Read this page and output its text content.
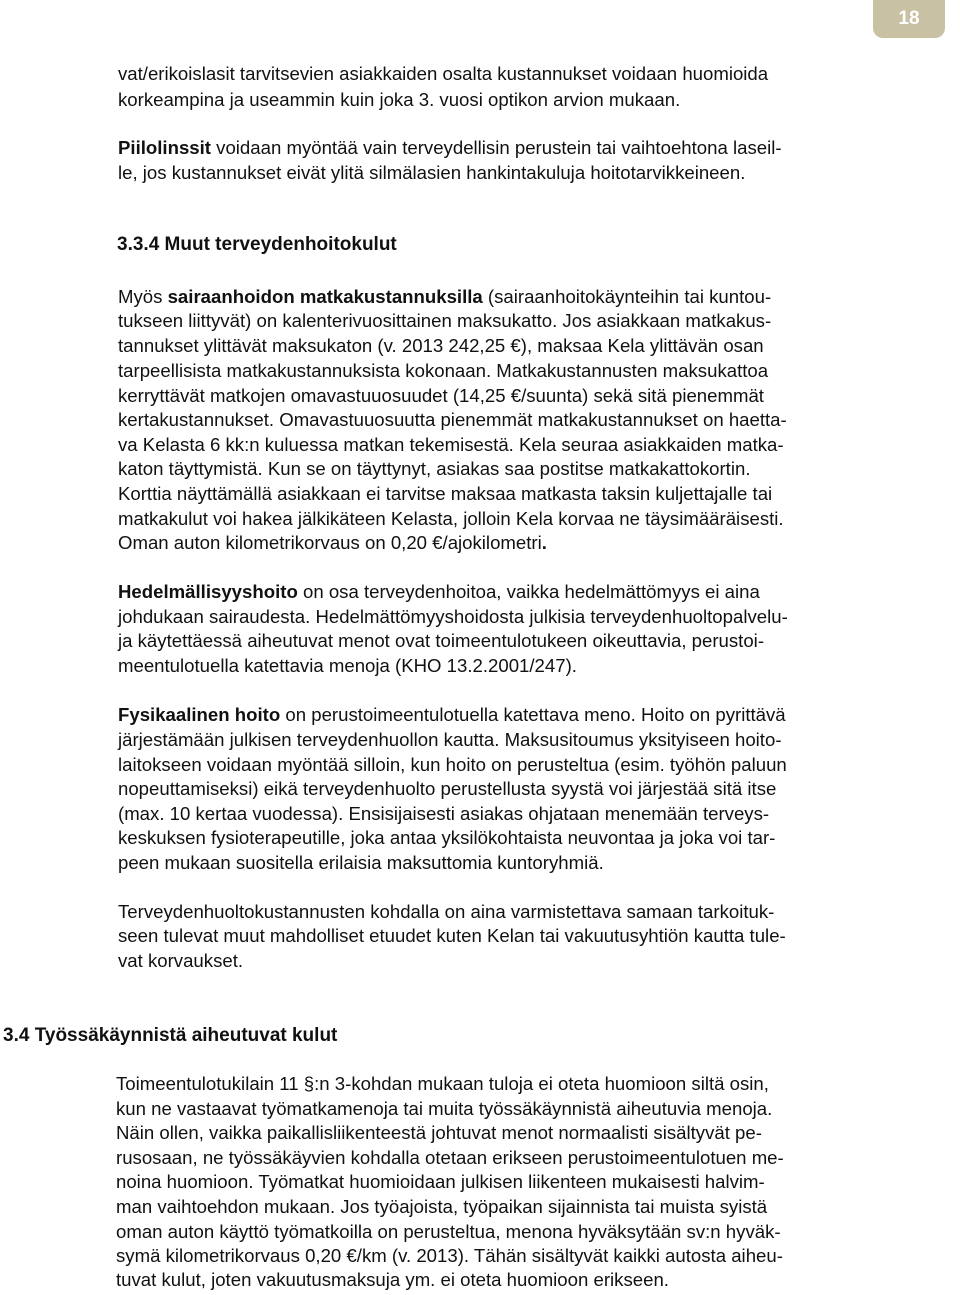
18

vat/erikoislasit tarvitsevien asiakkaiden osalta kustannukset voidaan huomioida

korkeampina ja useammin kuin joka 3. vuosi optikon arvion mukaan.

Piilolinssit voidaan myöntää vain terveydellisin perustein tai vaihtoehtona laseil-

le, jos kustannukset eivät ylitä silmälasien hankintakuluja hoitotarvikkeineen.

3.3.4 Muut terveydenhoitokulut

Myös sairaanhoidon matkakustannuksilla (sairaanhoitokäynteihin tai kuntou-

tukseen liittyvät) on kalenterivuosittainen maksukatto. Jos asiakkaan matkakus-

tannukset ylittävät maksukaton (v. 2013 242,25 €), maksaa Kela ylittävän osan

tarpeellisista matkakustannuksista kokonaan. Matkakustannusten maksukattoa

kerryttävät matkojen omavastuuosuudet (14,25 €/suunta) sekä sitä pienemmät

kertakustannukset. Omavastuuosuutta pienemmät matkakustannukset on haetta-

va Kelasta 6 kk:n kuluessa matkan tekemisestä. Kela seuraa asiakkaiden matka-

katon täyttymistä. Kun se on täyttynyt, asiakas saa postitse matkakattokortin.

Korttia näyttämällä asiakkaan ei tarvitse maksaa matkasta taksin kuljettajalle tai

matkakulut voi hakea jälkikäteen Kelasta, jolloin Kela korvaa ne täysimääräisesti.

Oman auton kilometrikorvaus on 0,20 €/ajokilometri.

Hedelmällisyyshoito on osa terveydenhoitoa, vaikka hedelmättömyys ei aina

johdukaan sairaudesta. Hedelmättömyyshoidosta julkisia terveydenhuoltopalvelu-

ja käytettäessä aiheutuvat menot ovat toimeentulotukeen oikeuttavia, perustoi-

meentulotuella katettavia menoja (KHO 13.2.2001/247).

Fysikaalinen hoito on perustoimeentulotuella katettava meno. Hoito on pyrittävä

järjestämään julkisen terveydenhuollon kautta. Maksusitoumus yksityiseen hoito-

laitokseen voidaan myöntää silloin, kun hoito on perusteltua (esim. työhön paluun

nopeuttamiseksi) eikä terveydenhuolto perustellusta syystä voi järjestää sitä itse

(max. 10 kertaa vuodessa). Ensisijaisesti asiakas ohjataan menemään terveys-

keskuksen fysioterapeutille, joka antaa yksilökohtaista neuvontaa ja joka voi tar-

peen mukaan suositella erilaisia maksuttomia kuntoryhmiä.

Terveydenhuoltokustannusten kohdalla on aina varmistettava samaan tarkoituk-

seen tulevat muut mahdolliset etuudet kuten Kelan tai vakuutusyhtiön kautta tule-

vat korvaukset.

3.4 Työssäkäynnistä aiheutuvat kulut

Toimeentulotukilain 11 §:n 3-kohdan mukaan tuloja ei oteta huomioon siltä osin,

kun ne vastaavat työmatkamenoja tai muita työssäkäynnistä aiheutuvia menoja.

Näin ollen, vaikka paikallisliikenteestä johtuvat menot normaalisti sisältyvät pe-

rusosaan, ne työssäkäyvien kohdalla otetaan erikseen perustoimeentulotuen me-

noina huomioon. Työmatkat huomioidaan julkisen liikenteen mukaisesti halvim-

man vaihtoehdon mukaan. Jos työajoista, työpaikan sijainnista tai muista syistä

oman auton käyttö työmatkoilla on perusteltua, menona hyväksytään sv:n hyväk-

symä kilometrikorvaus 0,20 €/km (v. 2013). Tähän sisältyvät kaikki autosta aiheu-

tuvat kulut, joten vakuutusmaksuja ym. ei oteta huomioon erikseen.
